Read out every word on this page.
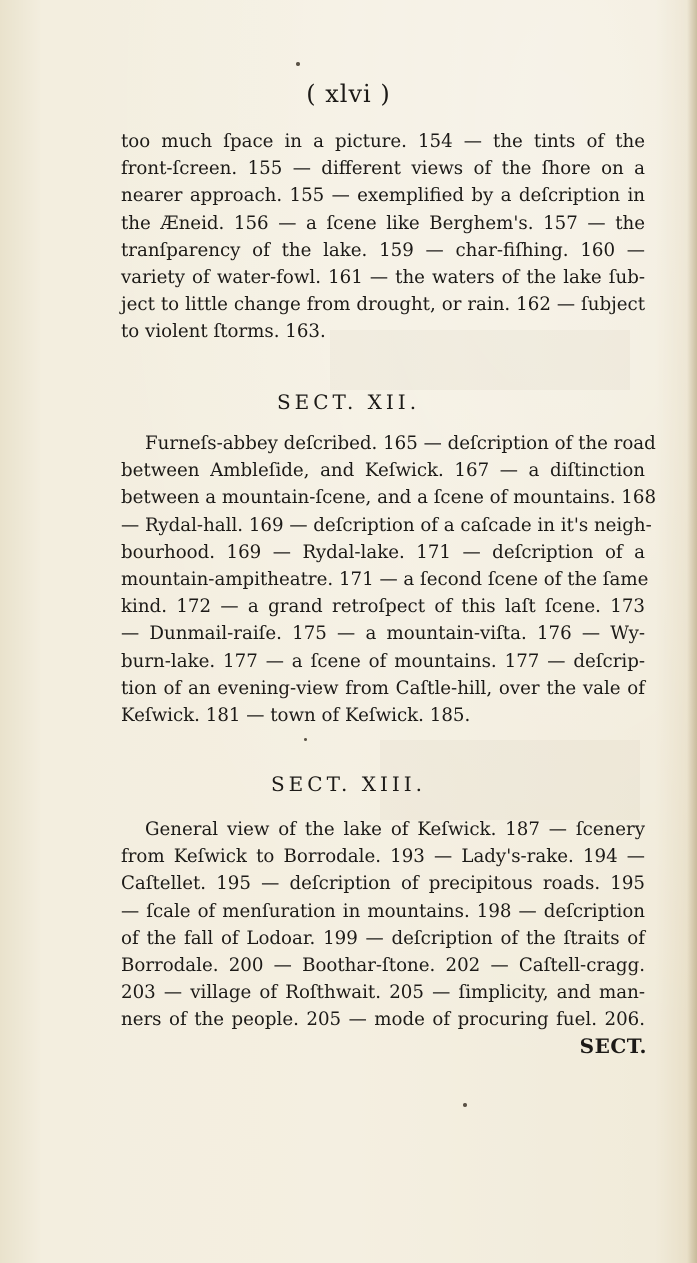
( xlvi )
too much ſpace in a picture. 154 — the tints of the
front-ſcreen. 155 — different views of the ſhore on a
nearer approach. 155 — exemplified by a deſcription in
the Æneid. 156 — a ſcene like Berghem's. 157 — the
tranſparency of the lake. 159 — char-fiſhing. 160 —
variety of water-fowl. 161 — the waters of the lake ſub-
ject to little change from drought, or rain. 162 — ſubject
to violent ſtorms. 163.
SECT. XII.
Furneſs-abbey deſcribed. 165 — deſcription of the road
between Ambleſide, and Keſwick. 167 — a diſtinction
between a mountain-ſcene, and a ſcene of mountains. 168
— Rydal-hall. 169 — deſcription of a caſcade in it's neigh-
bourhood. 169 — Rydal-lake. 171 — deſcription of a
mountain-ampitheatre. 171 — a ſecond ſcene of the ſame
kind. 172 — a grand retroſpect of this laſt ſcene. 173
— Dunmail-raiſe. 175 — a mountain-viſta. 176 — Wy-
burn-lake. 177 — a ſcene of mountains. 177 — deſcrip-
tion of an evening-view from Caſtle-hill, over the vale of
Keſwick. 181 — town of Keſwick. 185.
SECT. XIII.
General view of the lake of Keſwick. 187 — ſcenery
from Keſwick to Borrodale. 193 — Lady's-rake. 194 —
Caſtellet. 195 — deſcription of precipitous roads. 195
— ſcale of menſuration in mountains. 198 — deſcription
of the fall of Lodoar. 199 — deſcription of the ſtraits of
Borrodale. 200 — Boothar-ſtone. 202 — Caſtell-cragg.
203 — village of Roſthwait. 205 — ſimplicity, and man-
ners of the people. 205 — mode of procuring fuel. 206.
SECT.
